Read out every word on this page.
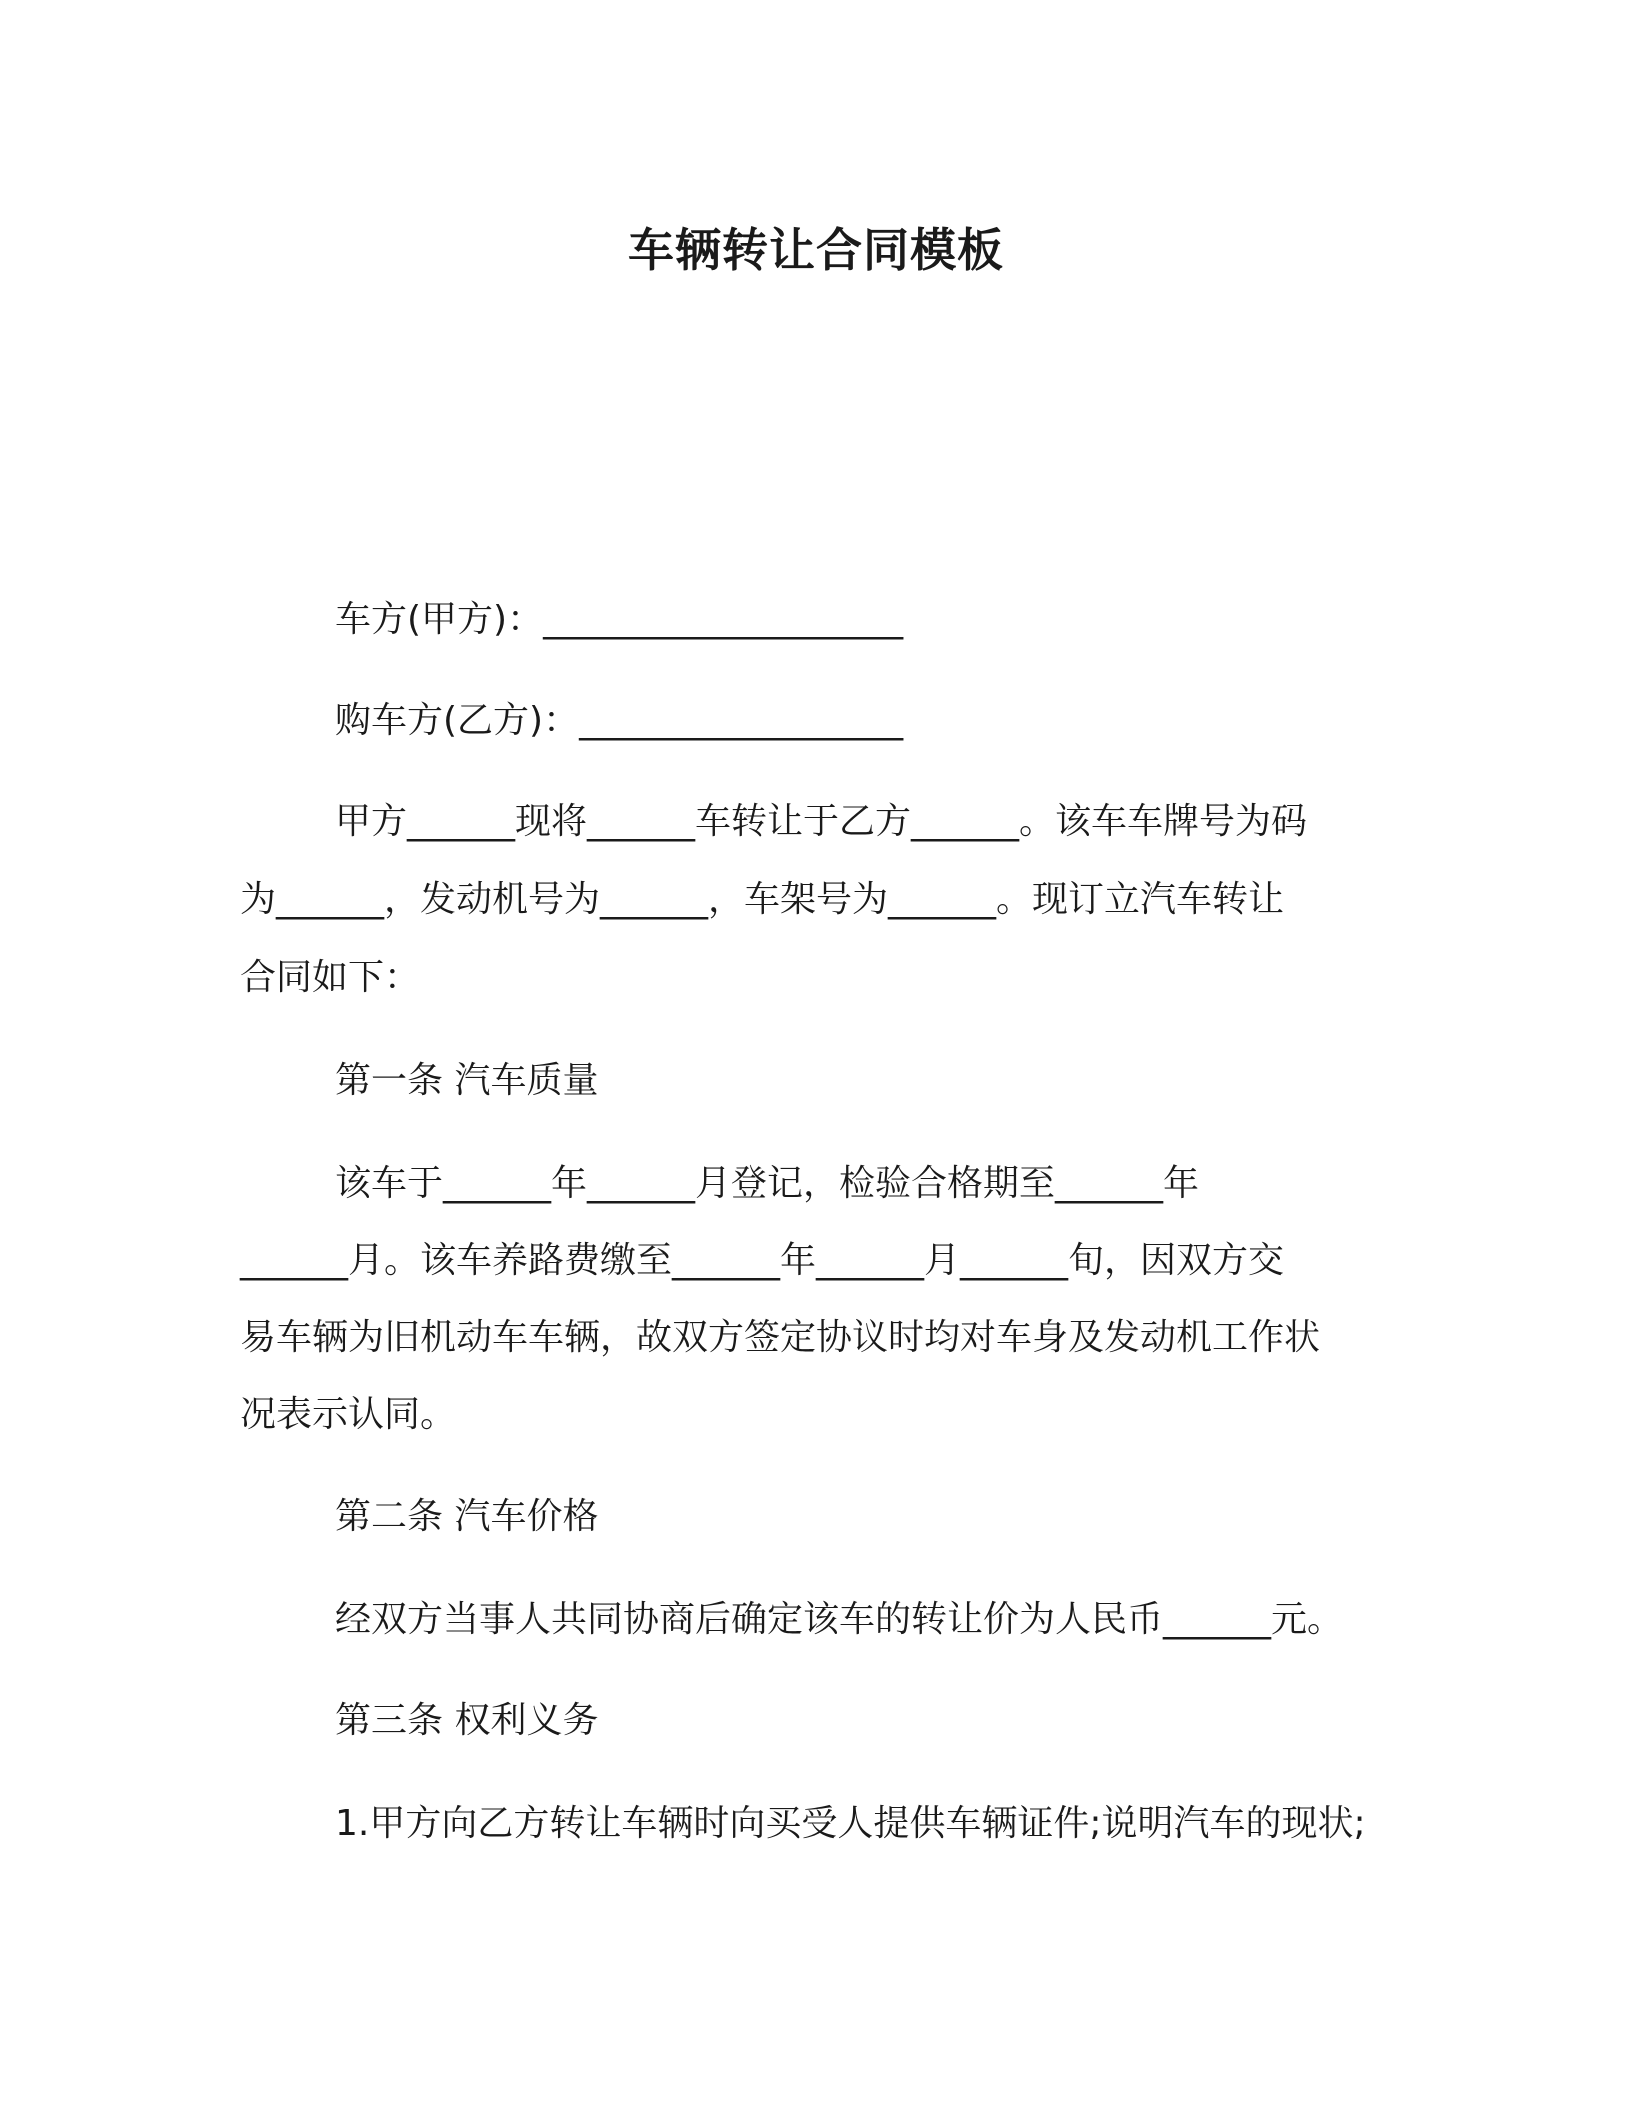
车辆转让合同模板
车方(甲方)：____________________
购车方(乙方)：__________________
甲方______现将______车转让于乙方______。该车车牌号为码
为______，发动机号为______，车架号为______。现订立汽车转让
合同如下：
第一条 汽车质量
该车于______年______月登记，检验合格期至______年
______月。该车养路费缴至______年______月______旬，因双方交
易车辆为旧机动车车辆，故双方签定协议时均对车身及发动机工作状
况表示认同。
第二条 汽车价格
经双方当事人共同协商后确定该车的转让价为人民币______元。
第三条 权利义务
1.甲方向乙方转让车辆时向买受人提供车辆证件;说明汽车的现状;
